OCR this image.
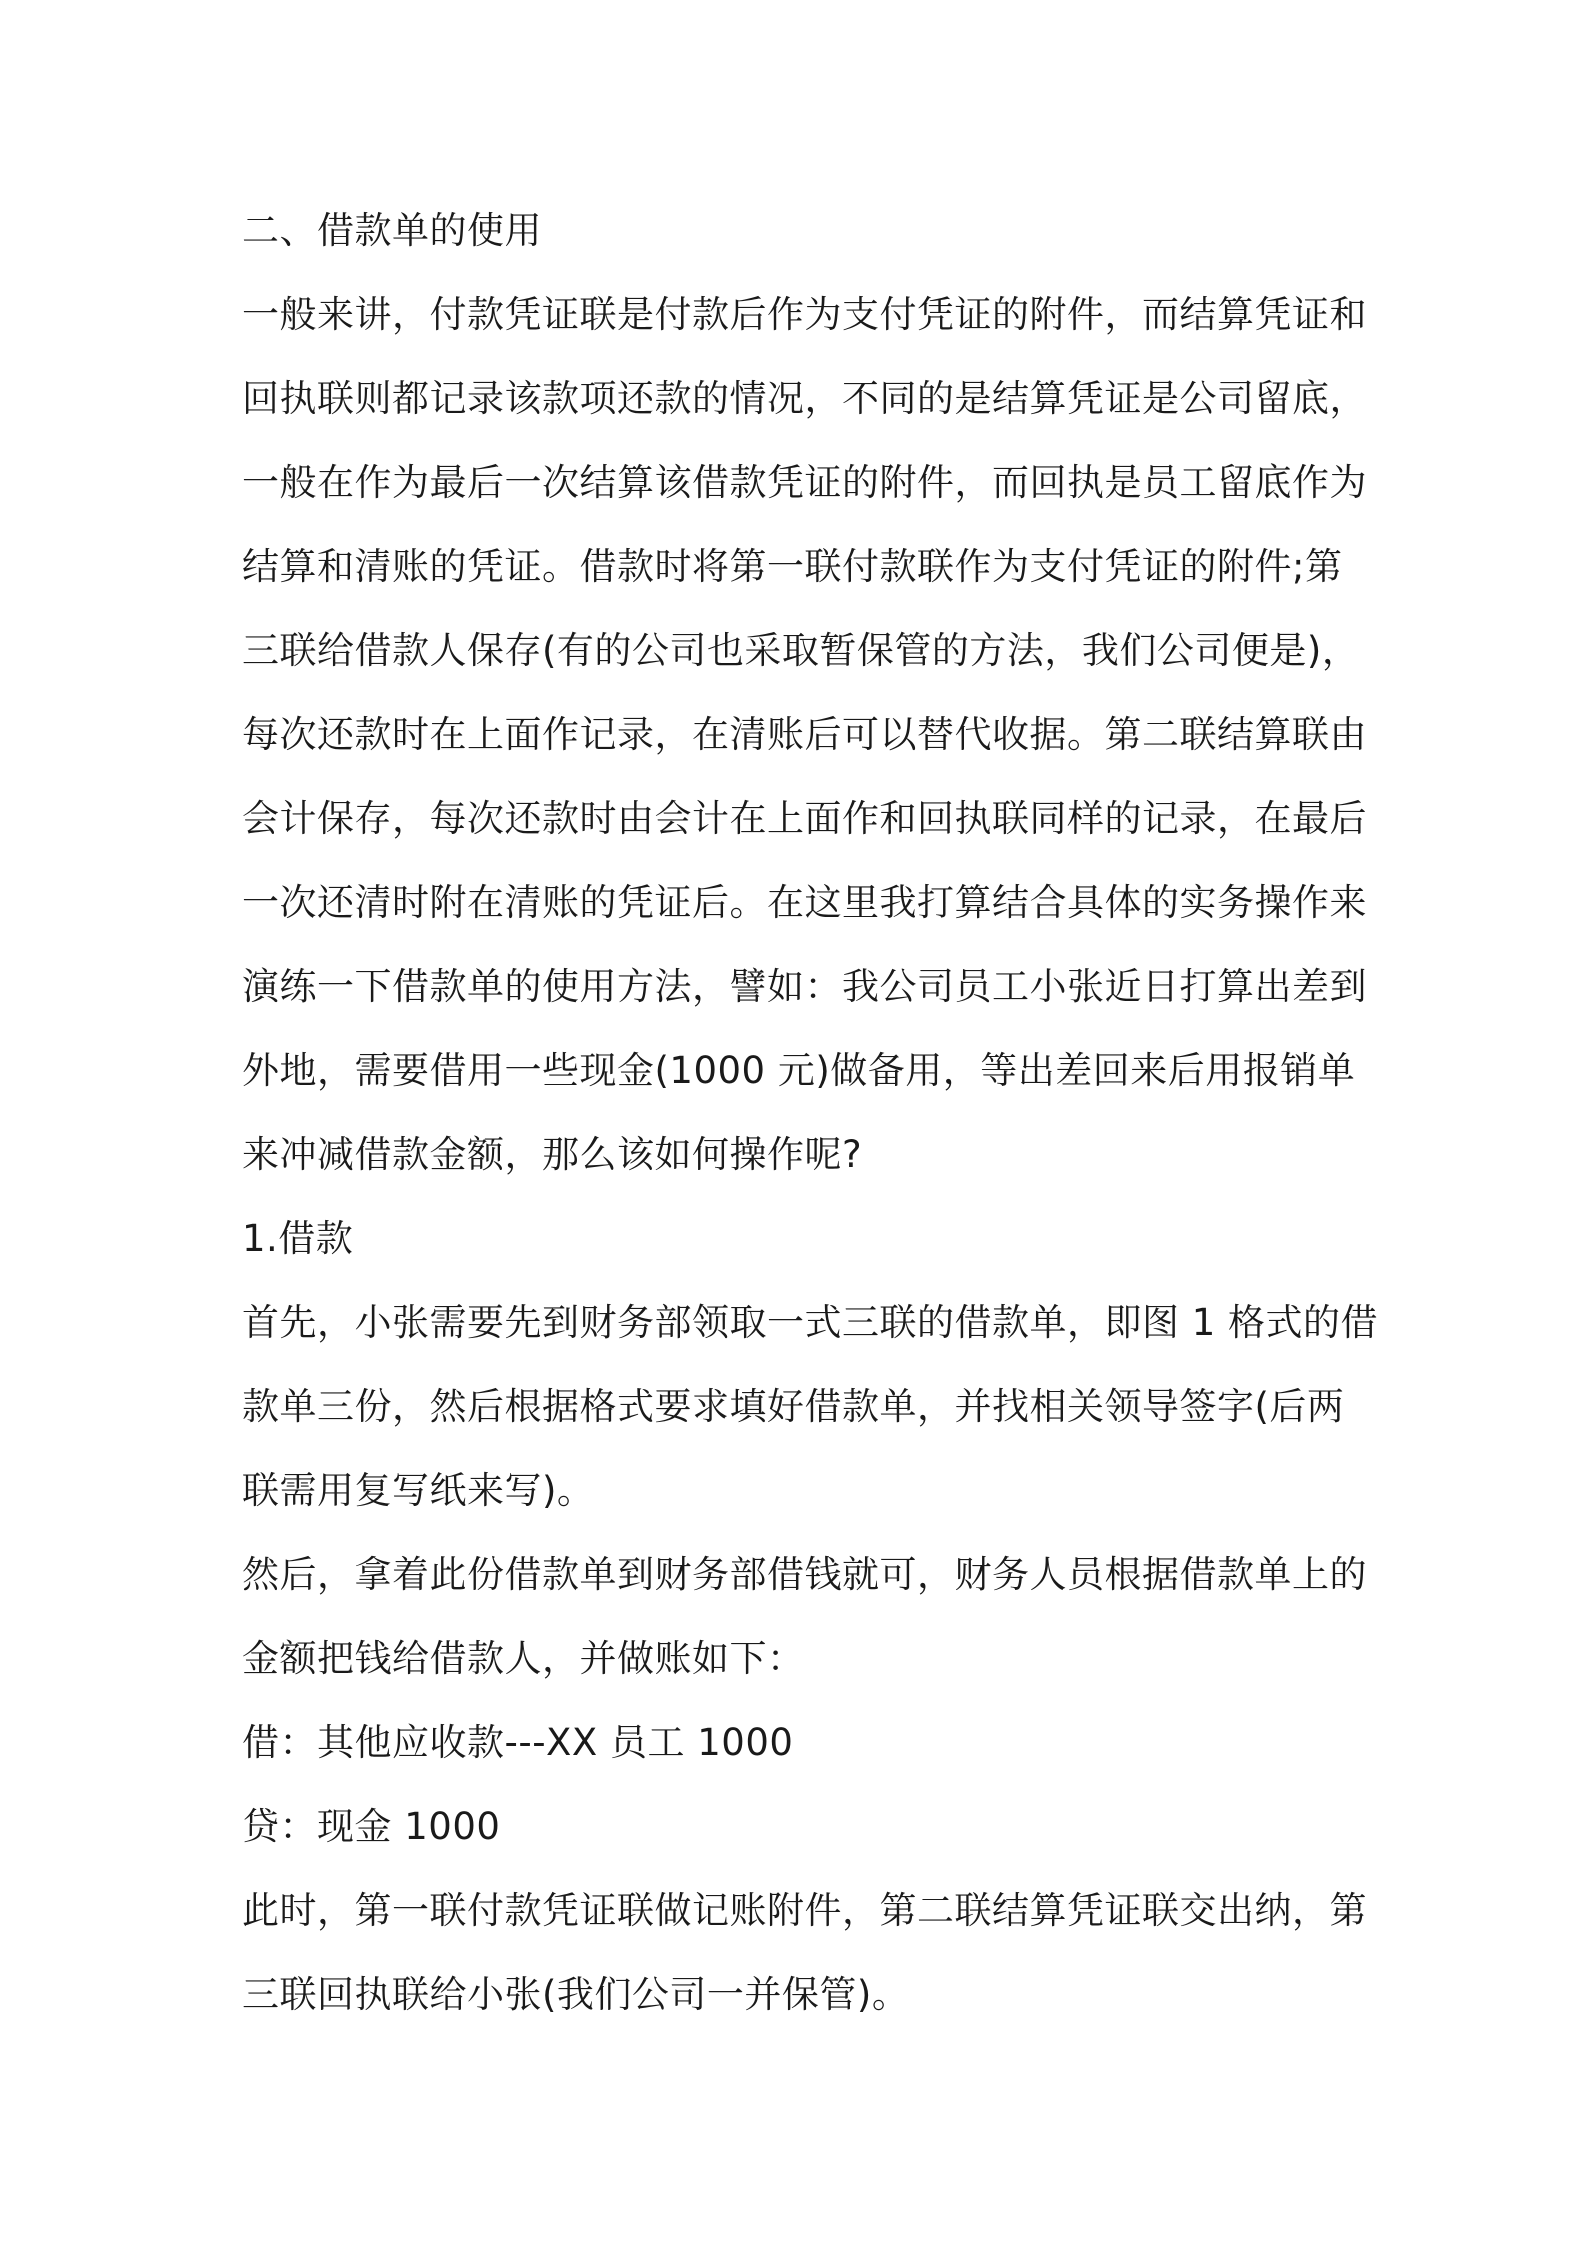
二、借款单的使用
一般来讲，付款凭证联是付款后作为支付凭证的附件，而结算凭证和
回执联则都记录该款项还款的情况，不同的是结算凭证是公司留底，
一般在作为最后一次结算该借款凭证的附件，而回执是员工留底作为
结算和清账的凭证。借款时将第一联付款联作为支付凭证的附件;第
三联给借款人保存(有的公司也采取暂保管的方法，我们公司便是)，
每次还款时在上面作记录，在清账后可以替代收据。第二联结算联由
会计保存，每次还款时由会计在上面作和回执联同样的记录，在最后
一次还清时附在清账的凭证后。在这里我打算结合具体的实务操作来
演练一下借款单的使用方法，譬如：我公司员工小张近日打算出差到
外地，需要借用一些现金(1000 元)做备用，等出差回来后用报销单
来冲减借款金额，那么该如何操作呢?
1.借款
首先，小张需要先到财务部领取一式三联的借款单，即图 1 格式的借
款单三份，然后根据格式要求填好借款单，并找相关领导签字(后两
联需用复写纸来写)。
然后，拿着此份借款单到财务部借钱就可，财务人员根据借款单上的
金额把钱给借款人，并做账如下：
借：其他应收款---XX 员工 1000
贷：现金 1000
此时，第一联付款凭证联做记账附件，第二联结算凭证联交出纳，第
三联回执联给小张(我们公司一并保管)。
